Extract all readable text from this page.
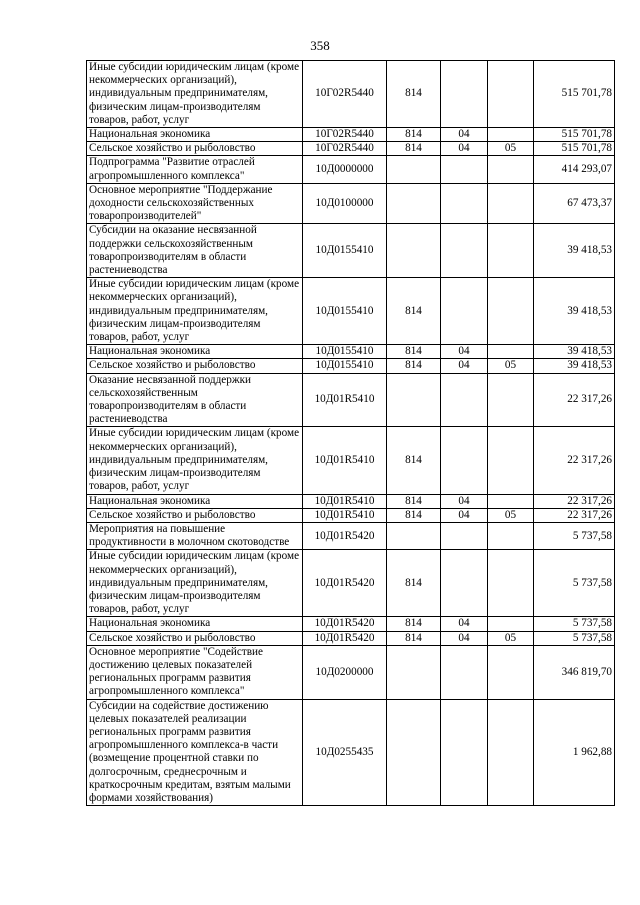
358
Иные субсидии юридическим лицам (кроме некоммерческих организаций), индивидуальным предпринимателям, физическим лицам-производителям товаров, работ, услуг	10Г02R5440	814			515 701,78
Национальная экономика	10Г02R5440	814	04		515 701,78
Сельское хозяйство и рыболовство	10Г02R5440	814	04	05	515 701,78
Подпрограмма "Развитие отраслей агропромышленного комплекса"	10Д0000000				414 293,07
Основное мероприятие "Поддержание доходности сельскохозяйственных товаропроизводителей"	10Д0100000				67 473,37
Субсидии на оказание несвязанной поддержки сельскохозяйственным товаропроизводителям в области растениеводства	10Д0155410				39 418,53
Иные субсидии юридическим лицам (кроме некоммерческих организаций), индивидуальным предпринимателям, физическим лицам-производителям товаров, работ, услуг	10Д0155410	814			39 418,53
Национальная экономика	10Д0155410	814	04		39 418,53
Сельское хозяйство и рыболовство	10Д0155410	814	04	05	39 418,53
Оказание несвязанной поддержки сельскохозяйственным товаропроизводителям в области растениеводства	10Д01R5410				22 317,26
Иные субсидии юридическим лицам (кроме некоммерческих организаций), индивидуальным предпринимателям, физическим лицам-производителям товаров, работ, услуг	10Д01R5410	814			22 317,26
Национальная экономика	10Д01R5410	814	04		22 317,26
Сельское хозяйство и рыболовство	10Д01R5410	814	04	05	22 317,26
Мероприятия на повышение продуктивности в молочном скотоводстве	10Д01R5420				5 737,58
Иные субсидии юридическим лицам (кроме некоммерческих организаций), индивидуальным предпринимателям, физическим лицам-производителям товаров, работ, услуг	10Д01R5420	814			5 737,58
Национальная экономика	10Д01R5420	814	04		5 737,58
Сельское хозяйство и рыболовство	10Д01R5420	814	04	05	5 737,58
Основное мероприятие "Содействие достижению целевых показателей региональных программ развития агропромышленного комплекса"	10Д0200000				346 819,70
Субсидии на содействие достижению целевых показателей реализации региональных программ развития агропромышленного комплекса-в части (возмещение процентной ставки по долгосрочным, среднесрочным и краткосрочным кредитам, взятым малыми формами хозяйствования)	10Д0255435				1 962,88
